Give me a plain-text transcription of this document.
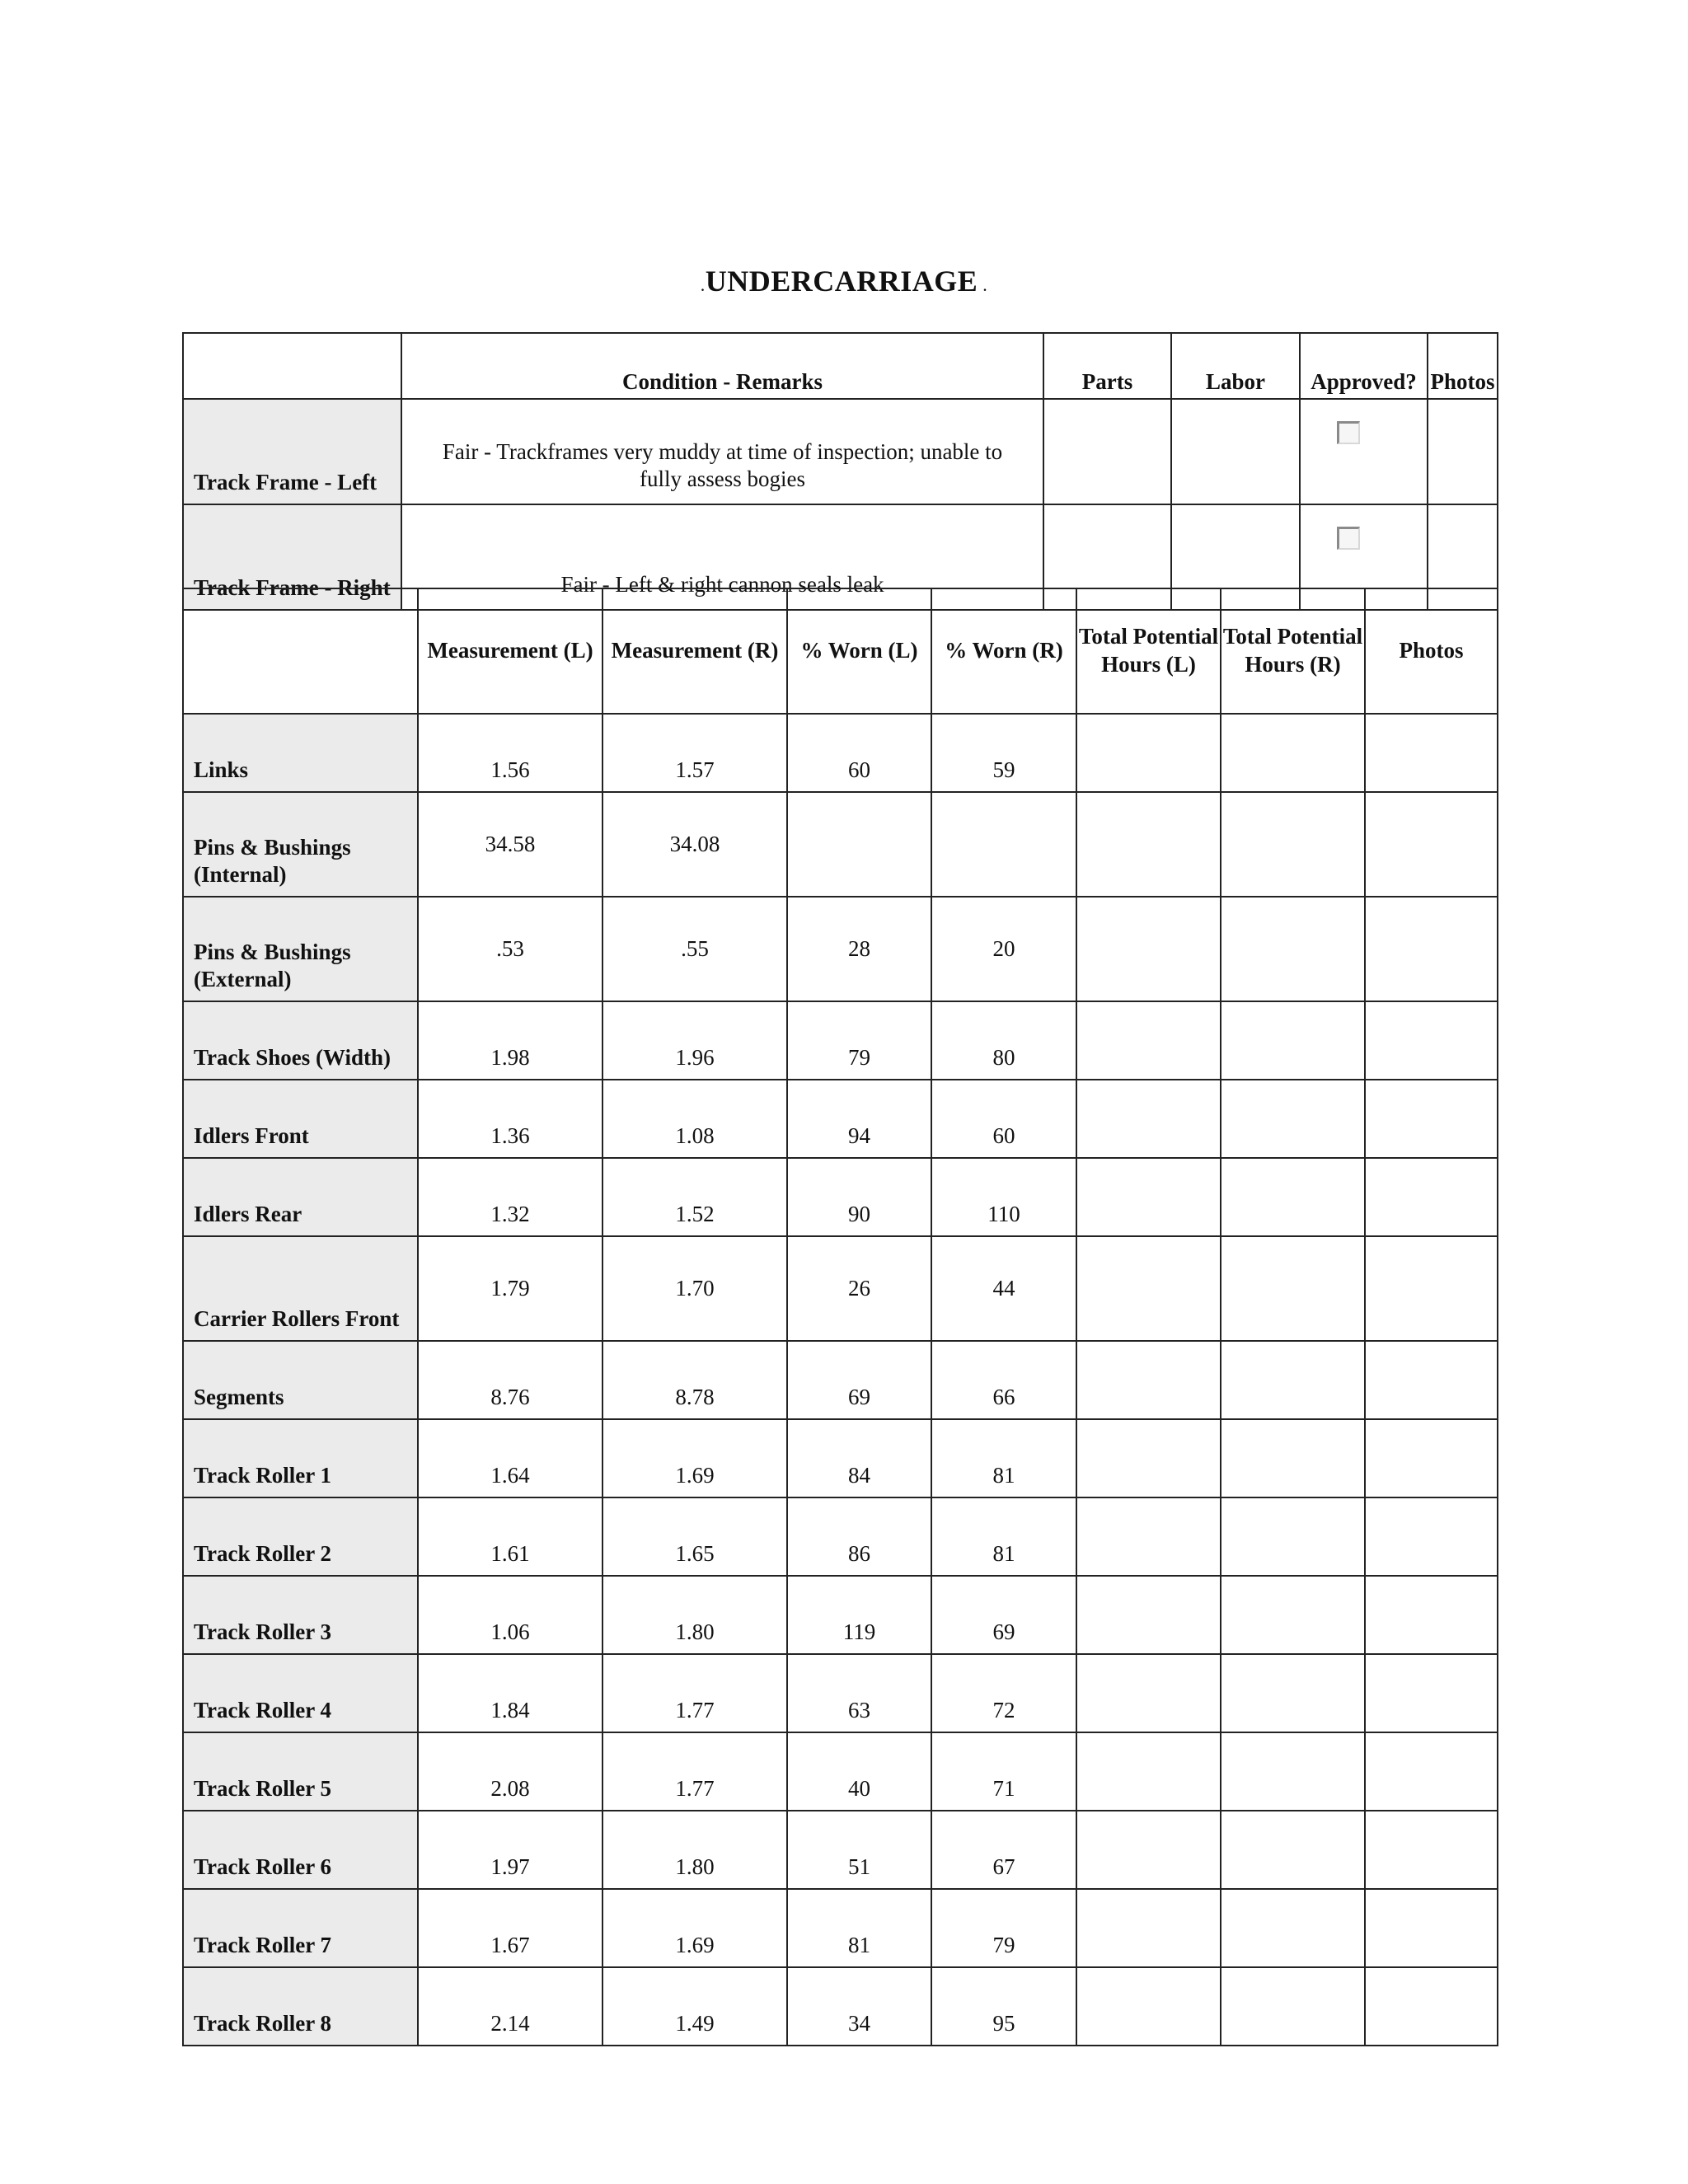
.UNDERCARRIAGE .
	Condition - Remarks	Parts	Labor	Approved?	Photos
Track Frame - Left	Fair - Trackframes very muddy at time of inspection; unable to fully assess bogies				
Track Frame - Right	Fair - Left & right cannon seals leak				
	Measurement (L)	Measurement (R)	% Worn (L)	% Worn (R)	Total Potential Hours (L)	Total Potential Hours (R)	Photos
Links	1.56	1.57	60	59			
Pins & Bushings (Internal)	34.58	34.08					
Pins & Bushings (External)	.53	.55	28	20			
Track Shoes (Width)	1.98	1.96	79	80			
Idlers Front	1.36	1.08	94	60			
Idlers Rear	1.32	1.52	90	110			
Carrier Rollers Front	1.79	1.70	26	44			
Segments	8.76	8.78	69	66			
Track Roller 1	1.64	1.69	84	81			
Track Roller 2	1.61	1.65	86	81			
Track Roller 3	1.06	1.80	119	69			
Track Roller 4	1.84	1.77	63	72			
Track Roller 5	2.08	1.77	40	71			
Track Roller 6	1.97	1.80	51	67			
Track Roller 7	1.67	1.69	81	79			
Track Roller 8	2.14	1.49	34	95			
